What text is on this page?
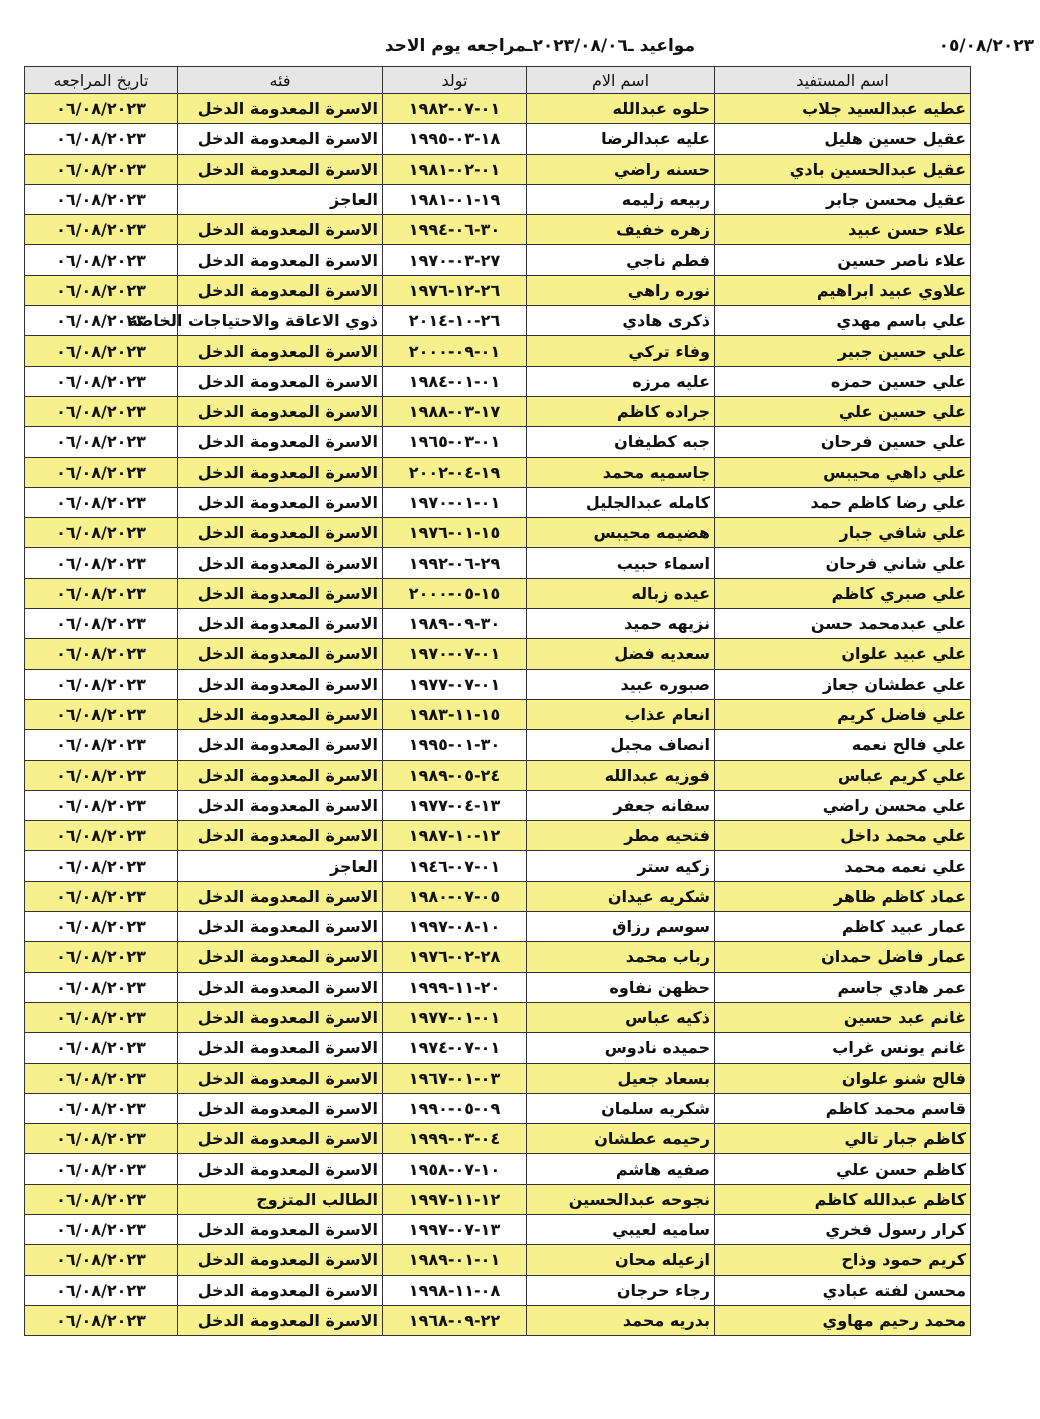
٠٥/٠٨/٢٠٢٣
مواعيد ـ٢٠٢٣/٠٨/٠٦ـمراجعه يوم الاحد
اسم المستفيد	اسم الام	تولد	فئه	تاريخ المراجعه
عطيه عبدالسيد جلاب	حلوه عبدالله	٠١-٠٧-١٩٨٢	الاسرة المعدومة الدخل	٠٦/٠٨/٢٠٢٣
عقيل حسين هليل	عليه عبدالرضا	١٨-٠٣-١٩٩٥	الاسرة المعدومة الدخل	٠٦/٠٨/٢٠٢٣
عقيل عبدالحسين بادي	حسنه راضي	٠١-٠٢-١٩٨١	الاسرة المعدومة الدخل	٠٦/٠٨/٢٠٢٣
عقيل محسن جابر	ربيعه زليمه	١٩-٠١-١٩٨١	العاجز	٠٦/٠٨/٢٠٢٣
علاء حسن عبيد	زهره خفيف	٣٠-٠٦-١٩٩٤	الاسرة المعدومة الدخل	٠٦/٠٨/٢٠٢٣
علاء ناصر حسين	فطم ناجي	٢٧-٠٣-١٩٧٠	الاسرة المعدومة الدخل	٠٦/٠٨/٢٠٢٣
علاوي عبيد ابراهيم	نوره راهي	٢٦-١٢-١٩٧٦	الاسرة المعدومة الدخل	٠٦/٠٨/٢٠٢٣
علي باسم مهدي	ذكرى هادي	٢٦-١٠-٢٠١٤	ذوي الاعاقة والاحتياجات الخاصة	٠٦/٠٨/٢٠٢٣
علي حسين جبير	وفاء تركي	٠١-٠٩-٢٠٠٠	الاسرة المعدومة الدخل	٠٦/٠٨/٢٠٢٣
علي حسين حمزه	عليه مرزه	٠١-٠١-١٩٨٤	الاسرة المعدومة الدخل	٠٦/٠٨/٢٠٢٣
علي حسين علي	جراده كاظم	١٧-٠٣-١٩٨٨	الاسرة المعدومة الدخل	٠٦/٠٨/٢٠٢٣
علي حسين فرحان	جبه كطيفان	٠١-٠٣-١٩٦٥	الاسرة المعدومة الدخل	٠٦/٠٨/٢٠٢٣
علي داهي محيبس	جاسميه محمد	١٩-٠٤-٢٠٠٢	الاسرة المعدومة الدخل	٠٦/٠٨/٢٠٢٣
علي رضا كاظم حمد	كامله عبدالجليل	٠١-٠١-١٩٧٠	الاسرة المعدومة الدخل	٠٦/٠٨/٢٠٢٣
علي شافي جبار	هضيمه محيبس	١٥-٠١-١٩٧٦	الاسرة المعدومة الدخل	٠٦/٠٨/٢٠٢٣
علي شاني فرحان	اسماء حبيب	٢٩-٠٦-١٩٩٢	الاسرة المعدومة الدخل	٠٦/٠٨/٢٠٢٣
علي صبري كاظم	عيده زباله	١٥-٠٥-٢٠٠٠	الاسرة المعدومة الدخل	٠٦/٠٨/٢٠٢٣
علي عبدمحمد حسن	نزيهه حميد	٣٠-٠٩-١٩٨٩	الاسرة المعدومة الدخل	٠٦/٠٨/٢٠٢٣
علي عبيد علوان	سعديه فضل	٠١-٠٧-١٩٧٠	الاسرة المعدومة الدخل	٠٦/٠٨/٢٠٢٣
علي عطشان جعاز	صبوره عبيد	٠١-٠٧-١٩٧٧	الاسرة المعدومة الدخل	٠٦/٠٨/٢٠٢٣
علي فاضل كريم	انعام عذاب	١٥-١١-١٩٨٣	الاسرة المعدومة الدخل	٠٦/٠٨/٢٠٢٣
علي فالح نعمه	انصاف مجبل	٣٠-٠١-١٩٩٥	الاسرة المعدومة الدخل	٠٦/٠٨/٢٠٢٣
علي كريم عباس	فوزيه عبدالله	٢٤-٠٥-١٩٨٩	الاسرة المعدومة الدخل	٠٦/٠٨/٢٠٢٣
علي محسن راضي	سفانه جعفر	١٣-٠٤-١٩٧٧	الاسرة المعدومة الدخل	٠٦/٠٨/٢٠٢٣
علي محمد داخل	فتحيه مطر	١٢-١٠-١٩٨٧	الاسرة المعدومة الدخل	٠٦/٠٨/٢٠٢٣
علي نعمه محمد	زكيه ستر	٠١-٠٧-١٩٤٦	العاجز	٠٦/٠٨/٢٠٢٣
عماد كاظم ظاهر	شكريه عيدان	٠٥-٠٧-١٩٨٠	الاسرة المعدومة الدخل	٠٦/٠٨/٢٠٢٣
عمار عبيد كاظم	سوسم رزاق	١٠-٠٨-١٩٩٧	الاسرة المعدومة الدخل	٠٦/٠٨/٢٠٢٣
عمار فاضل حمدان	رباب محمد	٢٨-٠٢-١٩٧٦	الاسرة المعدومة الدخل	٠٦/٠٨/٢٠٢٣
عمر هادي جاسم	حظهن نفاوه	٢٠-١١-١٩٩٩	الاسرة المعدومة الدخل	٠٦/٠٨/٢٠٢٣
غانم عبد حسين	ذكيه عباس	٠١-٠١-١٩٧٧	الاسرة المعدومة الدخل	٠٦/٠٨/٢٠٢٣
غانم يونس غراب	حميده نادوس	٠١-٠٧-١٩٧٤	الاسرة المعدومة الدخل	٠٦/٠٨/٢٠٢٣
فالح شنو علوان	بسعاد جعيل	٠٣-٠١-١٩٦٧	الاسرة المعدومة الدخل	٠٦/٠٨/٢٠٢٣
قاسم محمد كاظم	شكريه سلمان	٠٩-٠٥-١٩٩٠	الاسرة المعدومة الدخل	٠٦/٠٨/٢٠٢٣
كاظم جبار تالي	رحيمه عطشان	٠٤-٠٣-١٩٩٩	الاسرة المعدومة الدخل	٠٦/٠٨/٢٠٢٣
كاظم حسن علي	صفيه هاشم	١٠-٠٧-١٩٥٨	الاسرة المعدومة الدخل	٠٦/٠٨/٢٠٢٣
كاظم عبدالله كاظم	نجوحه عبدالحسين	١٢-١١-١٩٩٧	الطالب المتزوج	٠٦/٠٨/٢٠٢٣
كرار رسول فخري	ساميه لعيبي	١٣-٠٧-١٩٩٧	الاسرة المعدومة الدخل	٠٦/٠٨/٢٠٢٣
كريم حمود وذاح	ازعيله محان	٠١-٠١-١٩٨٩	الاسرة المعدومة الدخل	٠٦/٠٨/٢٠٢٣
محسن لفته عبادي	رجاء حرجان	٠٨-١١-١٩٩٨	الاسرة المعدومة الدخل	٠٦/٠٨/٢٠٢٣
محمد رحيم مهاوي	بدريه محمد	٢٢-٠٩-١٩٦٨	الاسرة المعدومة الدخل	٠٦/٠٨/٢٠٢٣
